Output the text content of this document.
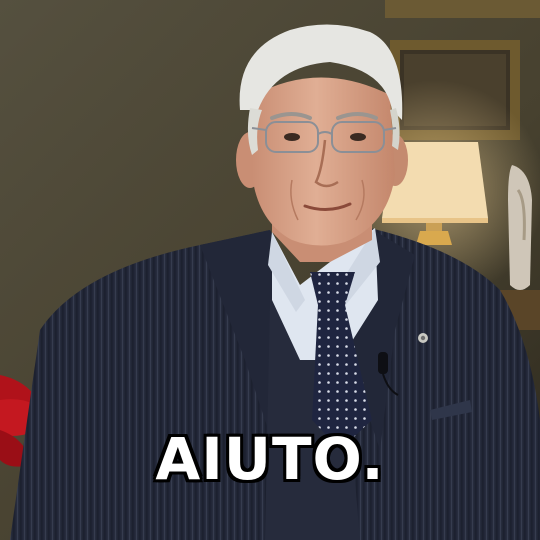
AIUTO.
